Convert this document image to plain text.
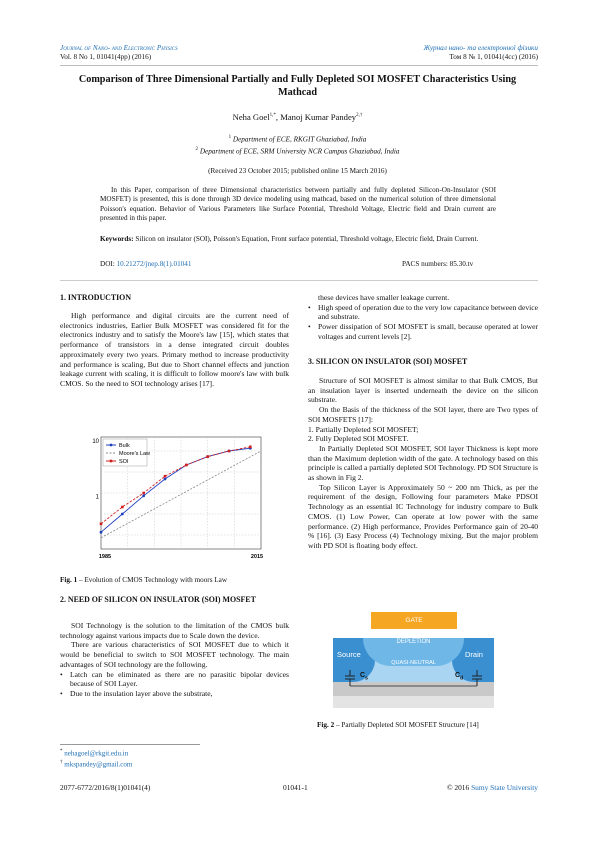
Journal of Nano- and Electronic Physics
Vol. 8 No 1, 01041(4pp) (2016)
Журнал нано- та електронної фізики
Том 8 № 1, 01041(4cc) (2016)
Comparison of Three Dimensional Partially and Fully Depleted SOI MOSFET Characteristics Using Mathcad
Neha Goel$^{1,*}$, Manoj Kumar Pandey$^{2,\dagger}$
$^1$ Department of ECE, RKGIT Ghaziabad, India
$^2$ Department of ECE, SRM University NCR Campus Ghaziabad, India
(Received 23 October 2015; published online 15 March 2016)
In this Paper, comparison of three Dimensional characteristics between partially and fully depleted Silicon-On-Insulator (SOI MOSFET) is presented, this is done through 3D device modeling using mathcad, based on the numerical solution of three dimensional Poisson's equation. Behavior of Various Parameters like Surface Potential, Threshold Voltage, Electric field and Drain current are presented in this paper.
Keywords: Silicon on insulator (SOI), Poisson's Equation, Front surface potential, Threshold voltage, Electric field, Drain Current.
DOI: 10.21272/jnep.8(1).01041	PACS numbers: 85.30.tv
1. INTRODUCTION

High performance and digital circuits are the current need of electronics industries, Earlier Bulk MOSFET was considered fit for the electronics industry and to satisfy the Moore's law [15], which states that performance of transistors in a dense integrated circuit doubles approximately every two years. Primary method to increase productivity and performance is scaling, But due to Short channel effects and junction leakage current with scaling, it is difficult to follow moore's law with bulk CMOS. So the need to SOI technology arises [17].

10
1
1985	2015
Bulk
Moore's Law
SOI
Fig. 1 – Evolution of CMOS Technology with moors Law
2. NEED OF SILICON ON INSULATOR (SOI) MOSFET

SOI Technology is the solution to the limitation of the CMOS bulk technology against various impacts due to Scale down the device.

There are various characteristics of SOI MOSFET due to which it would be beneficial to switch to SOI MOSFET technology. The main advantages of SOI technology are the following.

• Latch can be eliminated as there are no parasitic bipolar devices because of SOI Layer.
• Due to the insulation layer above the substrate,
* nehagoel@rkgit.edu.in
† mkspandey@gmail.com

these devices have smaller leakage current.

• High speed of operation due to the very low capacitance between device and substrate.
• Power dissipation of SOI MOSFET is small, because operated at lower voltages and current levels [2].
3. SILICON ON INSULATOR (SOI) MOSFET

Structure of SOI MOSFET is almost similar to that Bulk CMOS, But an insulation layer is inserted underneath the device on the silicon substrate.

On the Basis of the thickness of the SOI layer, there are Two types of SOI MOSFETS [17]:

1. Partially Depleted SOI MOSFET;

2. Fully Depleted SOI MOSFET.

In Partially Depleted SOI MOSFET, SOI layer Thickness is kept more than the Maximum depletion width of the gate. A technology based on this principle is called a partially depleted SOI Technology. PD SOI Structure is as shown in Fig 2.

Top Silicon Layer is Approximately 50 ~ 200 nm Thick, as per the requirement of the design, Following four parameters Make PDSOI Technology as an essential IC Technology for industry compare to Bulk CMOS. (1) Low Power, Can operate at low power with the same performance. (2) High performance, Provides Performance gain of 20-40 % [16]. (3) Easy Process (4) Technology mixing. But the major problem with PD SOI is floating body effect.

GATE
DEPLETION
Source	Drain
QUASI-NEUTRAL
$C_s$	$C_d$
Fig. 2 – Partially Depleted SOI MOSFET Structure [14]
2077-6772/2016/8(1)01041(4)	01041-1	© 2016 Sumy State University
